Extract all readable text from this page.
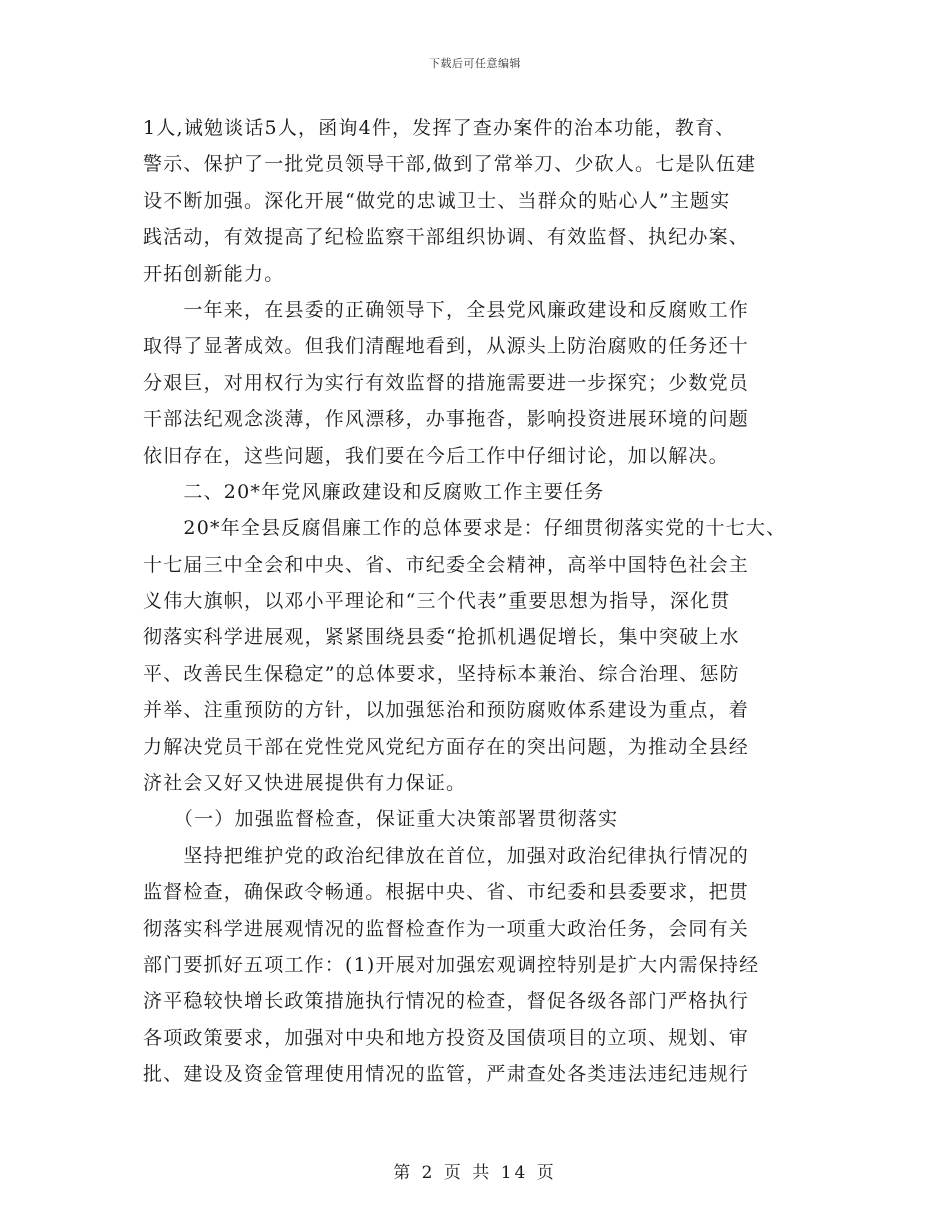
下载后可任意编辑
1人,诫勉谈话5人，函询4件，发挥了查办案件的治本功能，教育、
警示、保护了一批党员领导干部,做到了常举刀、少砍人。七是队伍建
设不断加强。深化开展“做党的忠诚卫士、当群众的贴心人”主题实
践活动，有效提高了纪检监察干部组织协调、有效监督、执纪办案、
开拓创新能力。
　　一年来，在县委的正确领导下，全县党风廉政建设和反腐败工作
取得了显著成效。但我们清醒地看到，从源头上防治腐败的任务还十
分艰巨，对用权行为实行有效监督的措施需要进一步探究；少数党员
干部法纪观念淡薄，作风漂移，办事拖沓，影响投资进展环境的问题
依旧存在，这些问题，我们要在今后工作中仔细讨论，加以解决。
　　二、20*年党风廉政建设和反腐败工作主要任务
　　20*年全县反腐倡廉工作的总体要求是：仔细贯彻落实党的十七大、
十七届三中全会和中央、省、市纪委全会精神，高举中国特色社会主
义伟大旗帜，以邓小平理论和“三个代表”重要思想为指导，深化贯
彻落实科学进展观，紧紧围绕县委“抢抓机遇促增长，集中突破上水
平、改善民生保稳定”的总体要求，坚持标本兼治、综合治理、惩防
并举、注重预防的方针，以加强惩治和预防腐败体系建设为重点，着
力解决党员干部在党性党风党纪方面存在的突出问题，为推动全县经
济社会又好又快进展提供有力保证。
　　（一）加强监督检查，保证重大决策部署贯彻落实
　　坚持把维护党的政治纪律放在首位，加强对政治纪律执行情况的
监督检查，确保政令畅通。根据中央、省、市纪委和县委要求，把贯
彻落实科学进展观情况的监督检查作为一项重大政治任务，会同有关
部门要抓好五项工作：(1)开展对加强宏观调控特别是扩大内需保持经
济平稳较快增长政策措施执行情况的检查，督促各级各部门严格执行
各项政策要求，加强对中央和地方投资及国债项目的立项、规划、审
批、建设及资金管理使用情况的监管，严肃查处各类违法违纪违规行
第 2 页 共 14 页
